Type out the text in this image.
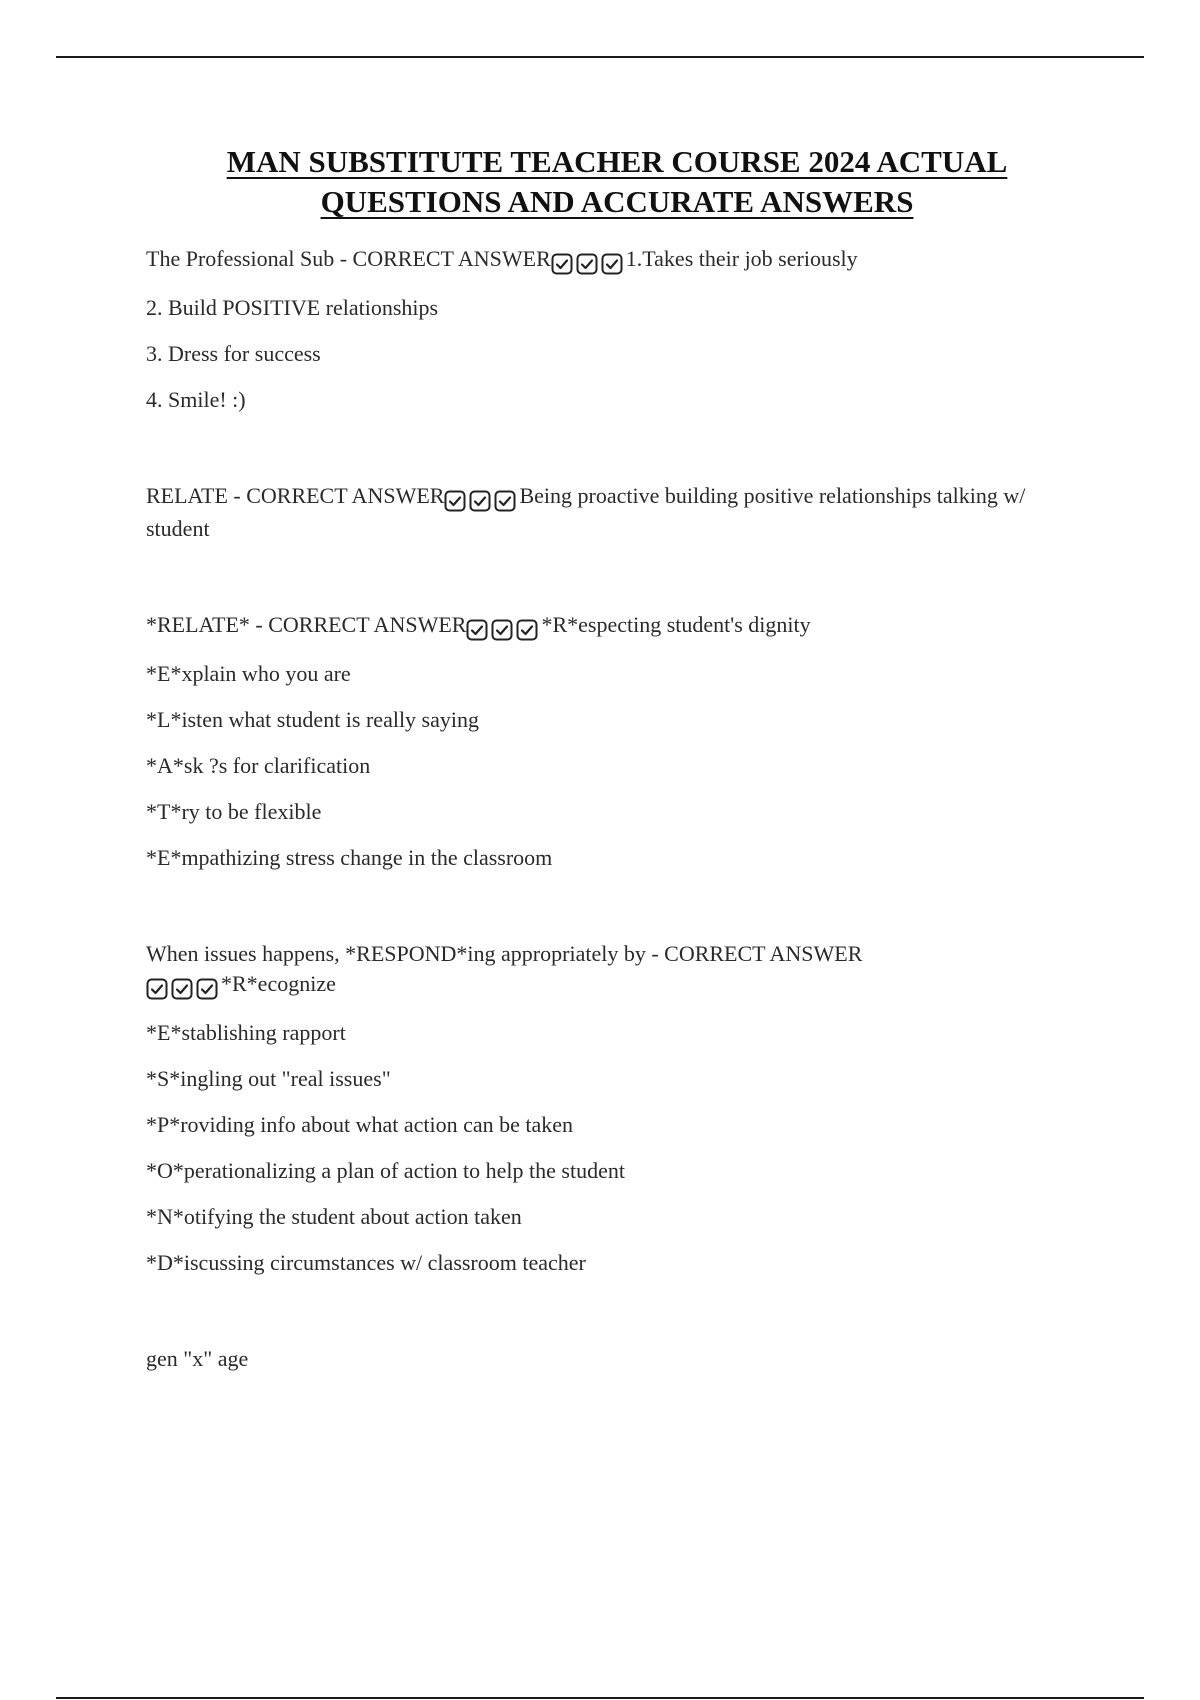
MAN SUBSTITUTE TEACHER COURSE 2024 ACTUAL
QUESTIONS AND ACCURATE ANSWERS
The Professional Sub - CORRECT ANSWER	1.Takes their job seriously
2. Build POSITIVE relationships
3. Dress for success
4. Smile! :)
RELATE - CORRECT ANSWER	Being proactive building positive relationships talking w/ student
*RELATE* - CORRECT ANSWER	*R*especting student's dignity
*E*xplain who you are
*L*isten what student is really saying
*A*sk ?s for clarification
*T*ry to be flexible
*E*mpathizing stress change in the classroom
When issues happens, *RESPOND*ing appropriately by - CORRECT ANSWER
*R*ecognize
*E*stablishing rapport
*S*ingling out "real issues"
*P*roviding info about what action can be taken
*O*perationalizing a plan of action to help the student
*N*otifying the student about action taken
*D*iscussing circumstances w/ classroom teacher
gen "x" age
